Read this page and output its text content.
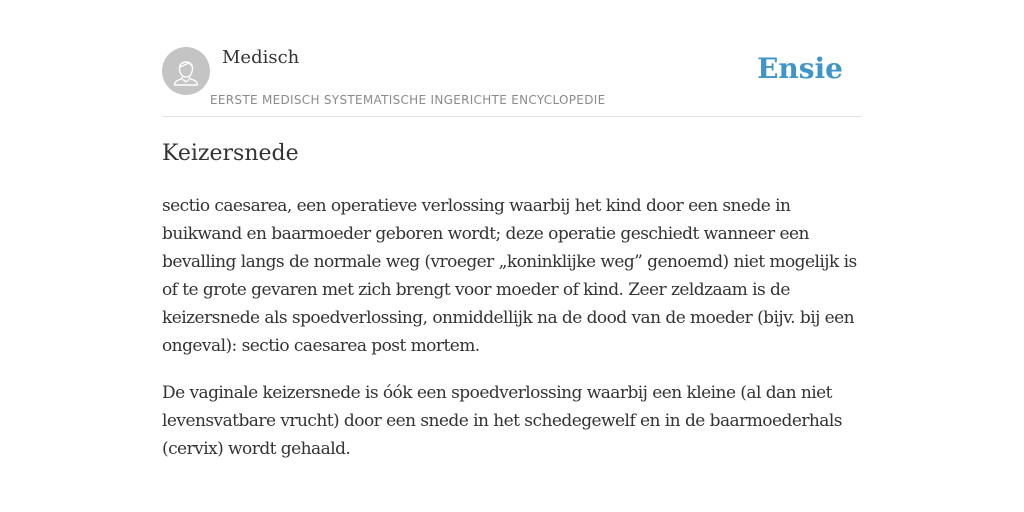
Medisch
EERSTE MEDISCH SYSTEMATISCHE INGERICHTE ENCYCLOPEDIE
Ensie
Keizersnede

sectio caesarea, een operatieve verlossing waarbij het kind door een snede in buikwand en baarmoeder geboren wordt; deze operatie geschiedt wanneer een bevalling langs de normale weg (vroeger „koninklijke weg” genoemd) niet mogelijk is of te grote gevaren met zich brengt voor moeder of kind. Zeer zeldzaam is de keizersnede als spoedverlossing, onmiddellijk na de dood van de moeder (bijv. bij een ongeval): sectio caesarea post mortem.

De vaginale keizersnede is óók een spoedverlossing waarbij een kleine (al dan niet levensvatbare vrucht) door een snede in het schedegewelf en in de baarmoederhals (cervix) wordt gehaald.
